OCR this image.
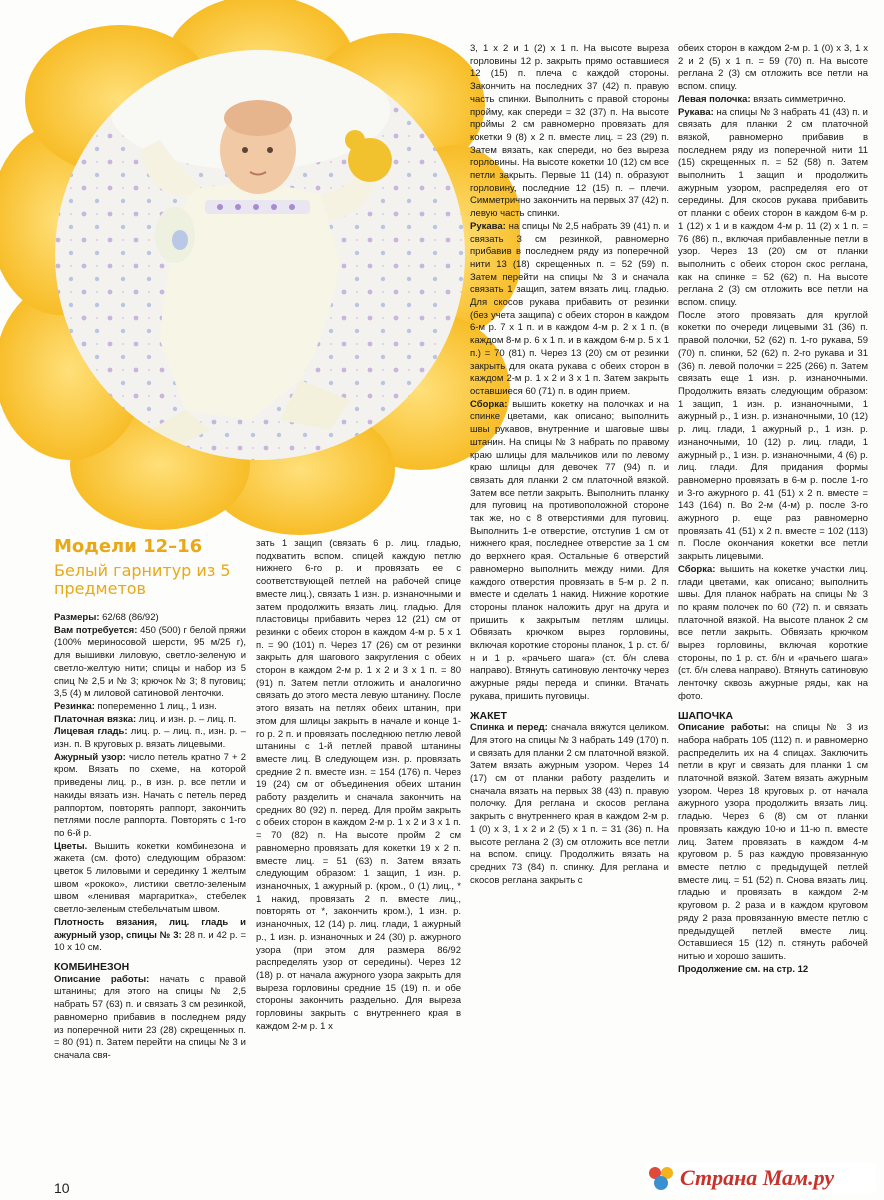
Модели 12–16
Белый гарнитур из 5 предметов

Размеры: 62/68 (86/92)

Вам потребуется: 450 (500) г белой пряжи (100% мериносовой шерсти, 95 м/25 г), для вышивки лиловую, светло-зеленую и светло-желтую нити; спицы и набор из 5 спиц № 2,5 и № 3; крючок № 3; 8 пуговиц; 3,5 (4) м лиловой сатиновой ленточки.

Резинка: попеременно 1 лиц., 1 изн.

Платочная вязка: лиц. и изн. р. – лиц. п.

Лицевая гладь: лиц. р. – лиц. п., изн. р. – изн. п. В круговых р. вязать лицевыми.

Ажурный узор: число петель кратно 7 + 2 кром. Вязать по схеме, на которой приведены лиц. р., в изн. р. все петли и накиды вязать изн. Начать с петель перед раппортом, повторять раппорт, закончить петлями после раппорта. Повторять с 1-го по 6-й р.

Цветы. Вышить кокетки комбинезона и жакета (см. фото) следующим образом: цветок 5 лиловыми и серединку 1 желтым швом «рококо», листики светло-зеленым швом «ленивая маргаритка», стебелек светло-зеленым стебельчатым швом.

Плотность вязания, лиц. гладь и ажурный узор, спицы № 3: 28 п. и 42 р. = 10 х 10 см.

КОМБИНЕЗОН

Описание работы: начать с правой штанины; для этого на спицы № 2,5 набрать 57 (63) п. и связать 3 см резинкой, равномерно прибавив в последнем ряду из поперечной нити 23 (28) скрещенных п. = 80 (91) п. Затем перейти на спицы № 3 и сначала свя-

зать 1 защип (связать 6 р. лиц. гладью, подхватить вспом. спицей каждую петлю нижнего 6-го р. и провязать ее с соответствующей петлей на рабочей спице вместе лиц.), связать 1 изн. р. изнаночными и затем продолжить вязать лиц. гладью. Для пластовицы прибавить через 12 (21) см от резинки с обеих сторон в каждом 4-м р. 5 х 1 п. = 90 (101) п. Через 17 (26) см от резинки закрыть для шагового закругления с обеих сторон в каждом 2-м р. 1 х 2 и 3 х 1 п. = 80 (91) п. Затем петли отложить и аналогично связать до этого места левую штанину. После этого вязать на петлях обеих штанин, при этом для шлицы закрыть в начале и конце 1-го р. 2 п. и провязать последнюю петлю левой штанины с 1-й петлей правой штанины вместе лиц. В следующем изн. р. провязать средние 2 п. вместе изн. = 154 (176) п. Через 19 (24) см от объединения обеих штанин работу разделить и сначала закончить на средних 80 (92) п. перед. Для пройм закрыть с обеих сторон в каждом 2-м р. 1 х 2 и 3 х 1 п. = 70 (82) п. На высоте пройм 2 см равномерно провязать для кокетки 19 х 2 п. вместе лиц. = 51 (63) п. Затем вязать следующим образом: 1 защип, 1 изн. р. изнаночных, 1 ажурный р. (кром., 0 (1) лиц., * 1 накид, провязать 2 п. вместе лиц., повторять от *, закончить кром.), 1 изн. р. изнаночных, 12 (14) р. лиц. глади, 1 ажурный р., 1 изн. р. изнаночных и 24 (30) р. ажурного узора (при этом для размера 86/92 распределять узор от середины). Через 12 (18) р. от начала ажурного узора закрыть для выреза горловины средние 15 (19) п. и обе стороны закончить раздельно. Для выреза горловины закрыть с внутреннего края в каждом 2-м р. 1 х

3, 1 х 2 и 1 (2) х 1 п. На высоте выреза горловины 12 р. закрыть прямо оставшиеся 12 (15) п. плеча с каждой стороны. Закончить на последних 37 (42) п. правую часть спинки. Выполнить с правой стороны пройму, как спереди = 32 (37) п. На высоте проймы 2 см равномерно провязать для кокетки 9 (8) х 2 п. вместе лиц. = 23 (29) п. Затем вязать, как спереди, но без выреза горловины. На высоте кокетки 10 (12) см все петли закрыть. Первые 11 (14) п. образуют горловину, последние 12 (15) п. – плечи. Симметрично закончить на первых 37 (42) п. левую часть спинки.

Рукава: на спицы № 2,5 набрать 39 (41) п. и связать 3 см резинкой, равномерно прибавив в последнем ряду из поперечной нити 13 (18) скрещенных п. = 52 (59) п. Затем перейти на спицы № 3 и сначала связать 1 защип, затем вязать лиц. гладью. Для скосов рукава прибавить от резинки (без учета защипа) с обеих сторон в каждом 6-м р. 7 х 1 п. и в каждом 4-м р. 2 х 1 п. (в каждом 8-м р. 6 х 1 п. и в каждом 6-м р. 5 х 1 п.) = 70 (81) п. Через 13 (20) см от резинки закрыть для оката рукава с обеих сторон в каждом 2-м р. 1 х 2 и 3 х 1 п. Затем закрыть оставшиеся 60 (71) п. в один прием.

Сборка: вышить кокетку на полочках и на спинке цветами, как описано; выполнить швы рукавов, внутренние и шаговые швы штанин. На спицы № 3 набрать по правому краю шлицы для мальчиков или по левому краю шлицы для девочек 77 (94) п. и связать для планки 2 см платочной вязкой. Затем все петли закрыть. Выполнить планку для пуговиц на противоположной стороне так же, но с 8 отверстиями для пуговиц. Выполнить 1-е отверстие, отступив 1 см от нижнего края, последнее отверстие за 1 см до верхнего края. Остальные 6 отверстий равномерно выполнить между ними. Для каждого отверстия провязать в 5-м р. 2 п. вместе и сделать 1 накид. Нижние короткие стороны планок наложить друг на друга и пришить к закрытым петлям шлицы. Обвязать крючком вырез горловины, включая короткие стороны планок, 1 р. ст. б/н и 1 р. «рачьего шага» (ст. б/н слева направо). Втянуть сатиновую ленточку через ажурные ряды переда и спинки. Втачать рукава, пришить пуговицы.

ЖАКЕТ

Спинка и перед: сначала вяжутся целиком. Для этого на спицы № 3 набрать 149 (170) п. и связать для планки 2 см платочной вязкой. Затем вязать ажурным узором. Через 14 (17) см от планки работу разделить и сначала вязать на первых 38 (43) п. правую полочку. Для реглана и скосов реглана закрыть с внутреннего края в каждом 2-м р. 1 (0) х 3, 1 х 2 и 2 (5) х 1 п. = 31 (36) п. На высоте реглана 2 (3) см отложить все петли на вспом. спицу. Продолжить вязать на средних 73 (84) п. спинку. Для реглана и скосов реглана закрыть с

обеих сторон в каждом 2-м р. 1 (0) х 3, 1 х 2 и 2 (5) х 1 п. = 59 (70) п. На высоте реглана 2 (3) см отложить все петли на вспом. спицу.

Левая полочка: вязать симметрично.

Рукава: на спицы № 3 набрать 41 (43) п. и связать для планки 2 см платочной вязкой, равномерно прибавив в последнем ряду из поперечной нити 11 (15) скрещенных п. = 52 (58) п. Затем выполнить 1 защип и продолжить ажурным узором, распределяя его от середины. Для скосов рукава прибавить от планки с обеих сторон в каждом 6-м р. 1 (12) х 1 и в каждом 4-м р. 11 (2) х 1 п. = 76 (86) п., включая прибавленные петли в узор. Через 13 (20) см от планки выполнить с обеих сторон скос реглана, как на спинке = 52 (62) п. На высоте реглана 2 (3) см отложить все петли на вспом. спицу.

После этого провязать для круглой кокетки по очереди лицевыми 31 (36) п. правой полочки, 52 (62) п. 1-го рукава, 59 (70) п. спинки, 52 (62) п. 2-го рукава и 31 (36) п. левой полочки = 225 (266) п. Затем связать еще 1 изн. р. изнаночными. Продолжить вязать следующим образом: 1 защип, 1 изн. р. изнаночными, 1 ажурный р., 1 изн. р. изнаночными, 10 (12) р. лиц. глади, 1 ажурный р., 1 изн. р. изнаночными, 10 (12) р. лиц. глади, 1 ажурный р., 1 изн. р. изнаночными, 4 (6) р. лиц. глади. Для придания формы равномерно провязать в 6-м р. после 1-го и 3-го ажурного р. 41 (51) х 2 п. вместе = 143 (164) п. Во 2-м (4-м) р. после 3-го ажурного р. еще раз равномерно провязать 41 (51) х 2 п. вместе = 102 (113) п. После окончания кокетки все петли закрыть лицевыми.

Сборка: вышить на кокетке участки лиц. глади цветами, как описано; выполнить швы. Для планок набрать на спицы № 3 по краям полочек по 60 (72) п. и связать платочной вязкой. На высоте планок 2 см все петли закрыть. Обвязать крючком вырез горловины, включая короткие стороны, по 1 р. ст. б/н и «рачьего шага» (ст. б/н слева направо). Втянуть сатиновую ленточку сквозь ажурные ряды, как на фото.

ШАПОЧКА

Описание работы: на спицы № 3 из набора набрать 105 (112) п. и равномерно распределить их на 4 спицах. Заключить петли в круг и связать для планки 1 см платочной вязкой. Затем вязать ажурным узором. Через 18 круговых р. от начала ажурного узора продолжить вязать лиц. гладью. Через 6 (8) см от планки провязать каждую 10-ю и 11-ю п. вместе лиц. Затем провязать в каждом 4-м круговом р. 5 раз каждую провязанную вместе петлю с предыдущей петлей вместе лиц. = 51 (52) п. Снова вязать лиц. гладью и провязать в каждом 2-м круговом р. 2 раза и в каждом круговом ряду 2 раза провязанную вместе петлю с предыдущей петлей вместе лиц. Оставшиеся 15 (12) п. стянуть рабочей нитью и хорошо зашить.

Продолжение см. на стр. 12

10	Страна Мам.ру
